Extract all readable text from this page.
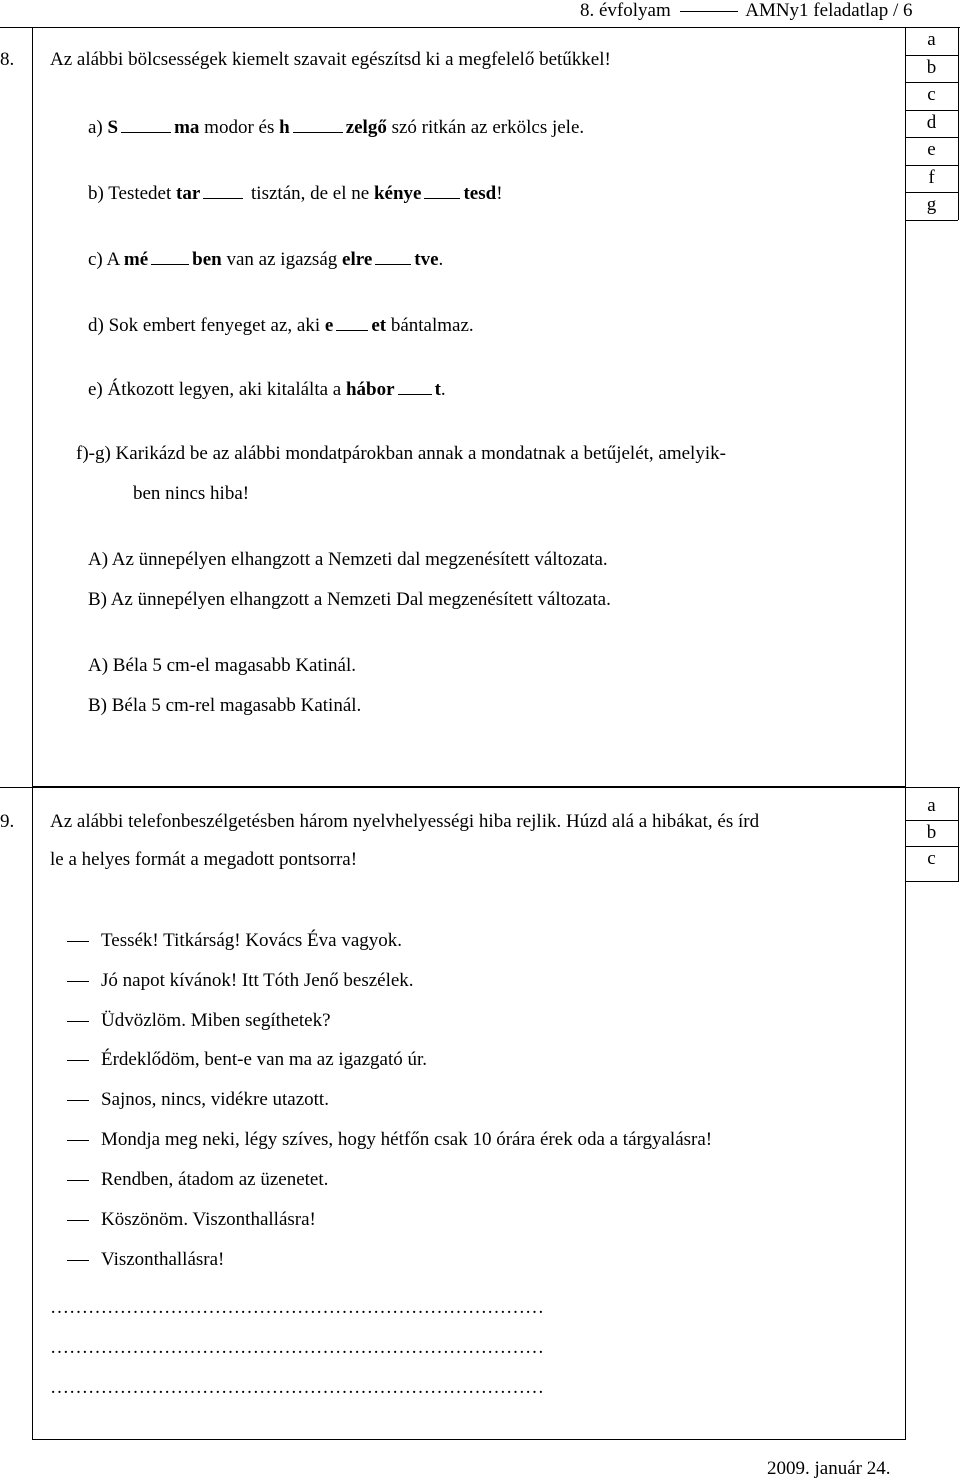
8. évfolyam	AMNy1 feladatlap / 6
a
b
c
d
e
f
g
8. Az alábbi bölcsességek kiemelt szavait egészítsd ki a megfelelő betűkkel!
a) S	ma modor és h	zelgő szó ritkán az erkölcs jele.
b) Testedet tar tisztán, de el ne kénye tesd!
c) A mé ben van az igazság elre tve.
d) Sok embert fenyeget az, aki e et bántalmaz.
e) Átkozott legyen, aki kitalálta a hábor t.
f)-g) Karikázd be az alábbi mondatpárokban annak a mondatnak a betűjelét, amelyik-
ben nincs hiba!
A) Az ünnepélyen elhangzott a Nemzeti dal megzenésített változata.
B) Az ünnepélyen elhangzott a Nemzeti Dal megzenésített változata.
A) Béla 5 cm-el magasabb Katinál.
B) Béla 5 cm-rel magasabb Katinál.
a
b
c
9. Az alábbi telefonbeszélgetésben három nyelvhelyességi hiba rejlik. Húzd alá a hibákat, és írd
le a helyes formát a megadott pontsorra!
Tessék! Titkárság! Kovács Éva vagyok.
Jó napot kívánok! Itt Tóth Jenő beszélek.
Üdvözlöm. Miben segíthetek?
Érdeklődöm, bent-e van ma az igazgató úr.
Sajnos, nincs, vidékre utazott.
Mondja meg neki, légy szíves, hogy hétfőn csak 10 órára érek oda a tárgyalásra!
Rendben, átadom az üzenetet.
Köszönöm. Viszonthallásra!
Viszonthallásra!
……………………………………………………………………
……………………………………………………………………
……………………………………………………………………
2009. január 24.
